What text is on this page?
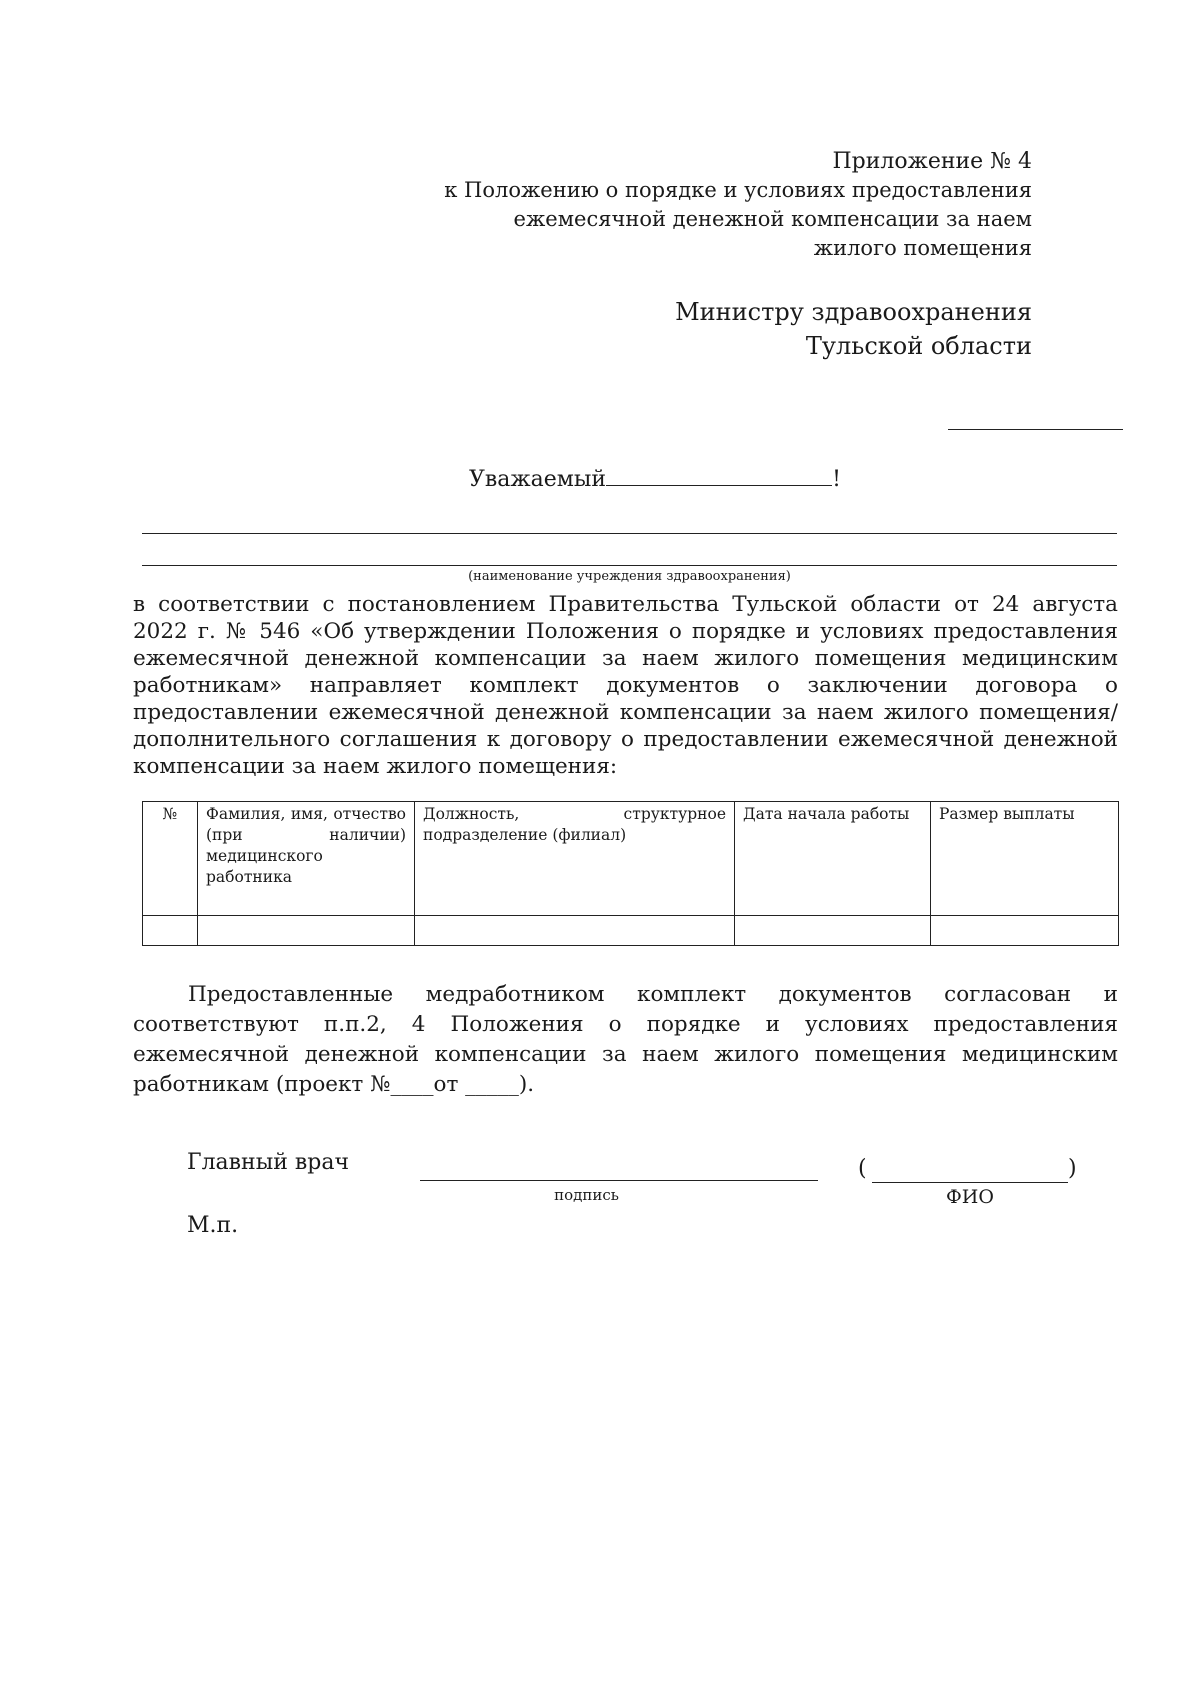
Приложение № 4
к Положению о порядке и условиях предоставления
ежемесячной денежной компенсации за наем
жилого помещения
Министру здравоохранения
Тульской области
Уважаемый	!
(наименование учреждения здравоохранения)

в соответствии с постановлением Правительства Тульской области от 24 августа 2022 г. № 546 «Об утверждении Положения о порядке и условиях предоставления ежемесячной денежной компенсации за наем жилого помещения медицинским работникам» направляет комплект документов о заключении договора о предоставлении ежемесячной денежной компенсации за наем жилого помещения/дополнительного соглашения к договору о предоставлении ежемесячной денежной компенсации за наем жилого помещения:

№	Фамилия, имя, отчество (при наличии) медицинского работника	Должность, структурное подразделение (филиал)	Дата начала работы	Размер выплаты

Предоставленные медработником комплект документов согласован и соответствуют п.п.2, 4 Положения о порядке и условиях предоставления ежемесячной денежной компенсации за наем жилого помещения медицинским работникам (проект №____от _____).

Главный врач
подпись
(	)
ФИО
М.п.
